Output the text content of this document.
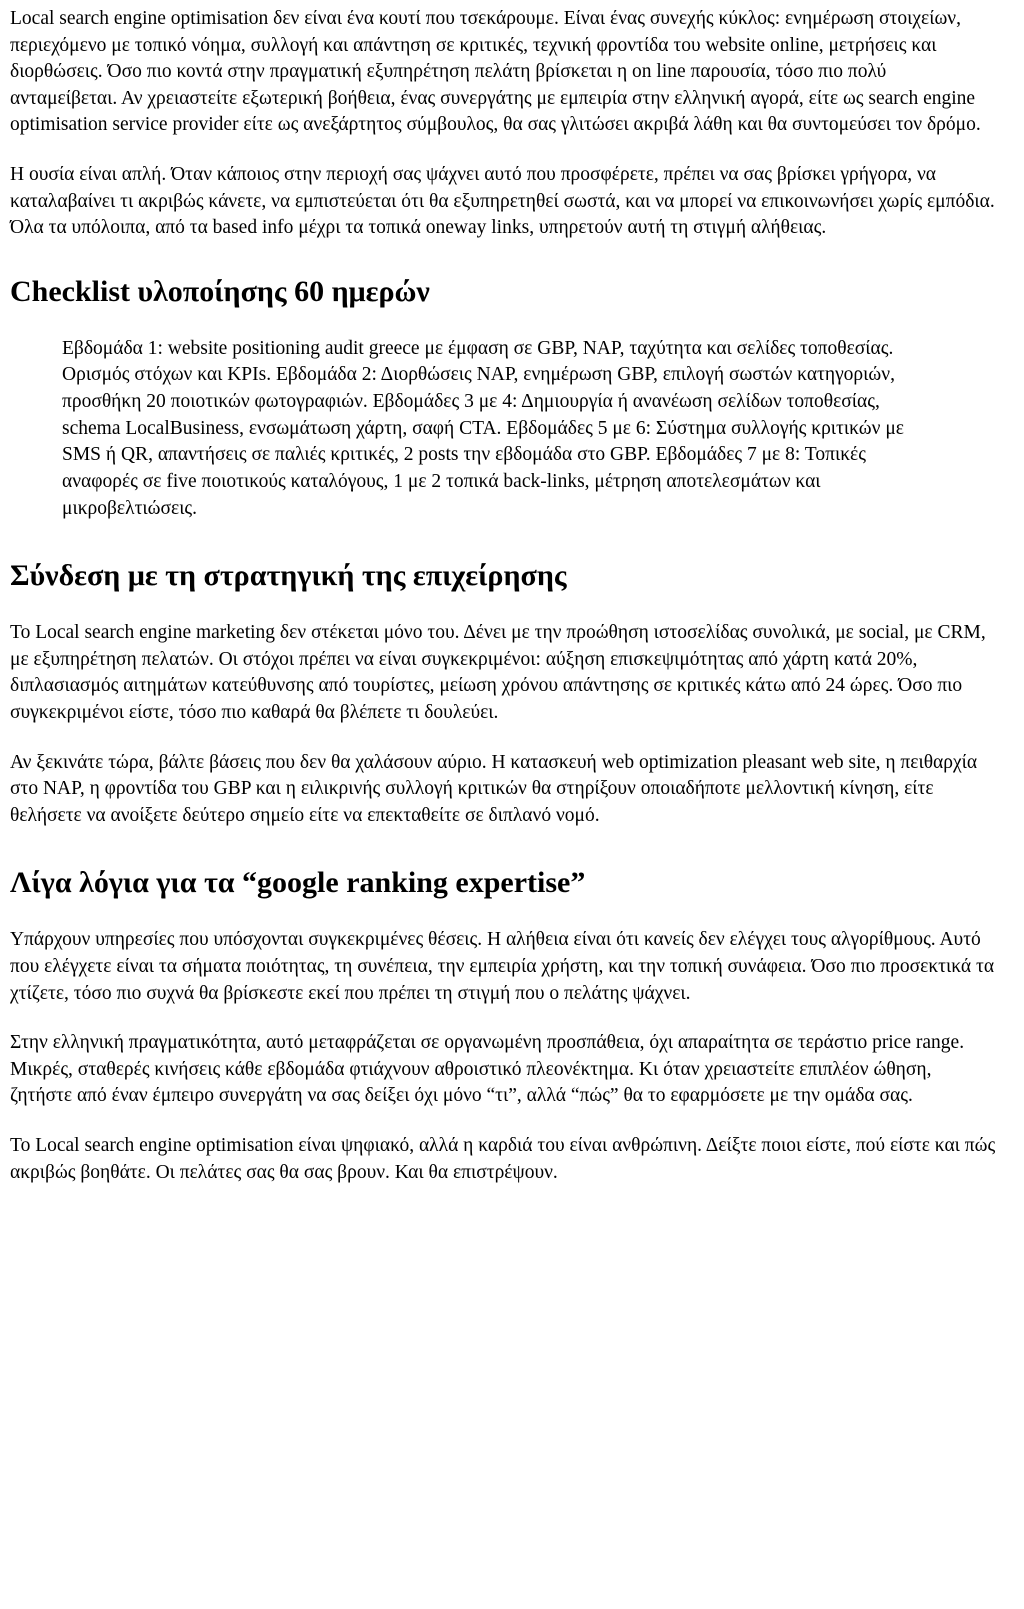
Local search engine optimisation δεν είναι ένα κουτί που τσεκάρουμε. Είναι ένας συνεχής κύκλος: ενημέρωση στοιχείων, περιεχόμενο με τοπικό νόημα, συλλογή και απάντηση σε κριτικές, τεχνική φροντίδα του website online, μετρήσεις και διορθώσεις. Όσο πιο κοντά στην πραγματική εξυπηρέτηση πελάτη βρίσκεται η on line παρουσία, τόσο πιο πολύ ανταμείβεται. Αν χρειαστείτε εξωτερική βοήθεια, ένας συνεργάτης με εμπειρία στην ελληνική αγορά, είτε ως search engine optimisation service provider είτε ως ανεξάρτητος σύμβουλος, θα σας γλιτώσει ακριβά λάθη και θα συντομεύσει τον δρόμο.

Η ουσία είναι απλή. Όταν κάποιος στην περιοχή σας ψάχνει αυτό που προσφέρετε, πρέπει να σας βρίσκει γρήγορα, να καταλαβαίνει τι ακριβώς κάνετε, να εμπιστεύεται ότι θα εξυπηρετηθεί σωστά, και να μπορεί να επικοινωνήσει χωρίς εμπόδια. Όλα τα υπόλοιπα, από τα based info μέχρι τα τοπικά oneway links, υπηρετούν αυτή τη στιγμή αλήθειας.

Checklist υλοποίησης 60 ημερών

Εβδομάδα 1: website positioning audit greece με έμφαση σε GBP, NAP, ταχύτητα και σελίδες τοποθεσίας. Ορισμός στόχων και KPIs. Εβδομάδα 2: Διορθώσεις NAP, ενημέρωση GBP, επιλογή σωστών κατηγοριών, προσθήκη 20 ποιοτικών φωτογραφιών. Εβδομάδες 3 με 4: Δημιουργία ή ανανέωση σελίδων τοποθεσίας, schema LocalBusiness, ενσωμάτωση χάρτη, σαφή CTA. Εβδομάδες 5 με 6: Σύστημα συλλογής κριτικών με SMS ή QR, απαντήσεις σε παλιές κριτικές, 2 posts την εβδομάδα στο GBP. Εβδομάδες 7 με 8: Τοπικές αναφορές σε five ποιοτικούς καταλόγους, 1 με 2 τοπικά back-links, μέτρηση αποτελεσμάτων και μικροβελτιώσεις.

Σύνδεση με τη στρατηγική της επιχείρησης

Το Local search engine marketing δεν στέκεται μόνο του. Δένει με την προώθηση ιστοσελίδας συνολικά, με social, με CRM, με εξυπηρέτηση πελατών. Οι στόχοι πρέπει να είναι συγκεκριμένοι: αύξηση επισκεψιμότητας από χάρτη κατά 20%, διπλασιασμός αιτημάτων κατεύθυνσης από τουρίστες, μείωση χρόνου απάντησης σε κριτικές κάτω από 24 ώρες. Όσο πιο συγκεκριμένοι είστε, τόσο πιο καθαρά θα βλέπετε τι δουλεύει.

Αν ξεκινάτε τώρα, βάλτε βάσεις που δεν θα χαλάσουν αύριο. Η κατασκευή web optimization pleasant web site, η πειθαρχία στο NAP, η φροντίδα του GBP και η ειλικρινής συλλογή κριτικών θα στηρίξουν οποιαδήποτε μελλοντική κίνηση, είτε θελήσετε να ανοίξετε δεύτερο σημείο είτε να επεκταθείτε σε διπλανό νομό.

Λίγα λόγια για τα “google ranking expertise”

Υπάρχουν υπηρεσίες που υπόσχονται συγκεκριμένες θέσεις. Η αλήθεια είναι ότι κανείς δεν ελέγχει τους αλγορίθμους. Αυτό που ελέγχετε είναι τα σήματα ποιότητας, τη συνέπεια, την εμπειρία χρήστη, και την τοπική συνάφεια. Όσο πιο προσεκτικά τα χτίζετε, τόσο πιο συχνά θα βρίσκεστε εκεί που πρέπει τη στιγμή που ο πελάτης ψάχνει.

Στην ελληνική πραγματικότητα, αυτό μεταφράζεται σε οργανωμένη προσπάθεια, όχι απαραίτητα σε τεράστιο price range. Μικρές, σταθερές κινήσεις κάθε εβδομάδα φτιάχνουν αθροιστικό πλεονέκτημα. Κι όταν χρειαστείτε επιπλέον ώθηση, ζητήστε από έναν έμπειρο συνεργάτη να σας δείξει όχι μόνο “τι”, αλλά “πώς” θα το εφαρμόσετε με την ομάδα σας.

Το Local search engine optimisation είναι ψηφιακό, αλλά η καρδιά του είναι ανθρώπινη. Δείξτε ποιοι είστε, πού είστε και πώς ακριβώς βοηθάτε. Οι πελάτες σας θα σας βρουν. Και θα επιστρέψουν.
